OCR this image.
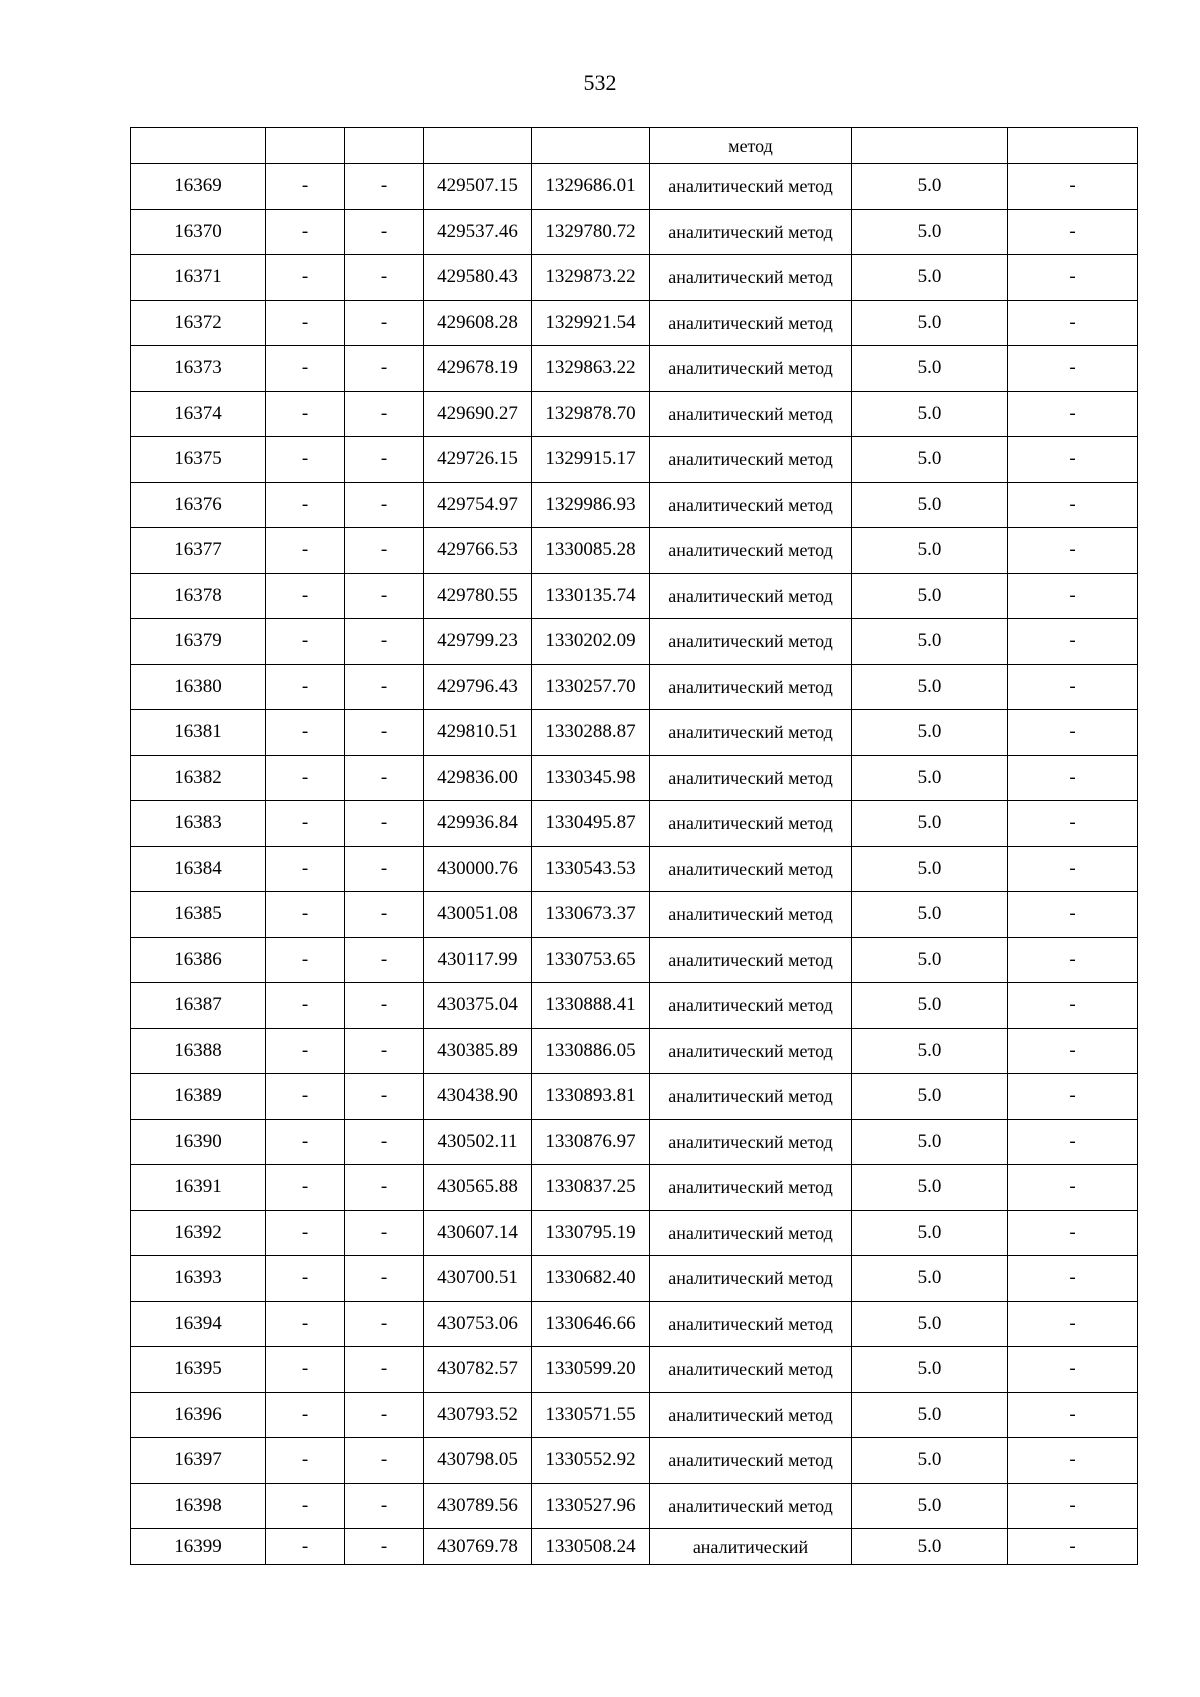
532
					метод		
16369	-	-	429507.15	1329686.01	аналитический метод	5.0	-
16370	-	-	429537.46	1329780.72	аналитический метод	5.0	-
16371	-	-	429580.43	1329873.22	аналитический метод	5.0	-
16372	-	-	429608.28	1329921.54	аналитический метод	5.0	-
16373	-	-	429678.19	1329863.22	аналитический метод	5.0	-
16374	-	-	429690.27	1329878.70	аналитический метод	5.0	-
16375	-	-	429726.15	1329915.17	аналитический метод	5.0	-
16376	-	-	429754.97	1329986.93	аналитический метод	5.0	-
16377	-	-	429766.53	1330085.28	аналитический метод	5.0	-
16378	-	-	429780.55	1330135.74	аналитический метод	5.0	-
16379	-	-	429799.23	1330202.09	аналитический метод	5.0	-
16380	-	-	429796.43	1330257.70	аналитический метод	5.0	-
16381	-	-	429810.51	1330288.87	аналитический метод	5.0	-
16382	-	-	429836.00	1330345.98	аналитический метод	5.0	-
16383	-	-	429936.84	1330495.87	аналитический метод	5.0	-
16384	-	-	430000.76	1330543.53	аналитический метод	5.0	-
16385	-	-	430051.08	1330673.37	аналитический метод	5.0	-
16386	-	-	430117.99	1330753.65	аналитический метод	5.0	-
16387	-	-	430375.04	1330888.41	аналитический метод	5.0	-
16388	-	-	430385.89	1330886.05	аналитический метод	5.0	-
16389	-	-	430438.90	1330893.81	аналитический метод	5.0	-
16390	-	-	430502.11	1330876.97	аналитический метод	5.0	-
16391	-	-	430565.88	1330837.25	аналитический метод	5.0	-
16392	-	-	430607.14	1330795.19	аналитический метод	5.0	-
16393	-	-	430700.51	1330682.40	аналитический метод	5.0	-
16394	-	-	430753.06	1330646.66	аналитический метод	5.0	-
16395	-	-	430782.57	1330599.20	аналитический метод	5.0	-
16396	-	-	430793.52	1330571.55	аналитический метод	5.0	-
16397	-	-	430798.05	1330552.92	аналитический метод	5.0	-
16398	-	-	430789.56	1330527.96	аналитический метод	5.0	-
16399	-	-	430769.78	1330508.24	аналитический	5.0	-
